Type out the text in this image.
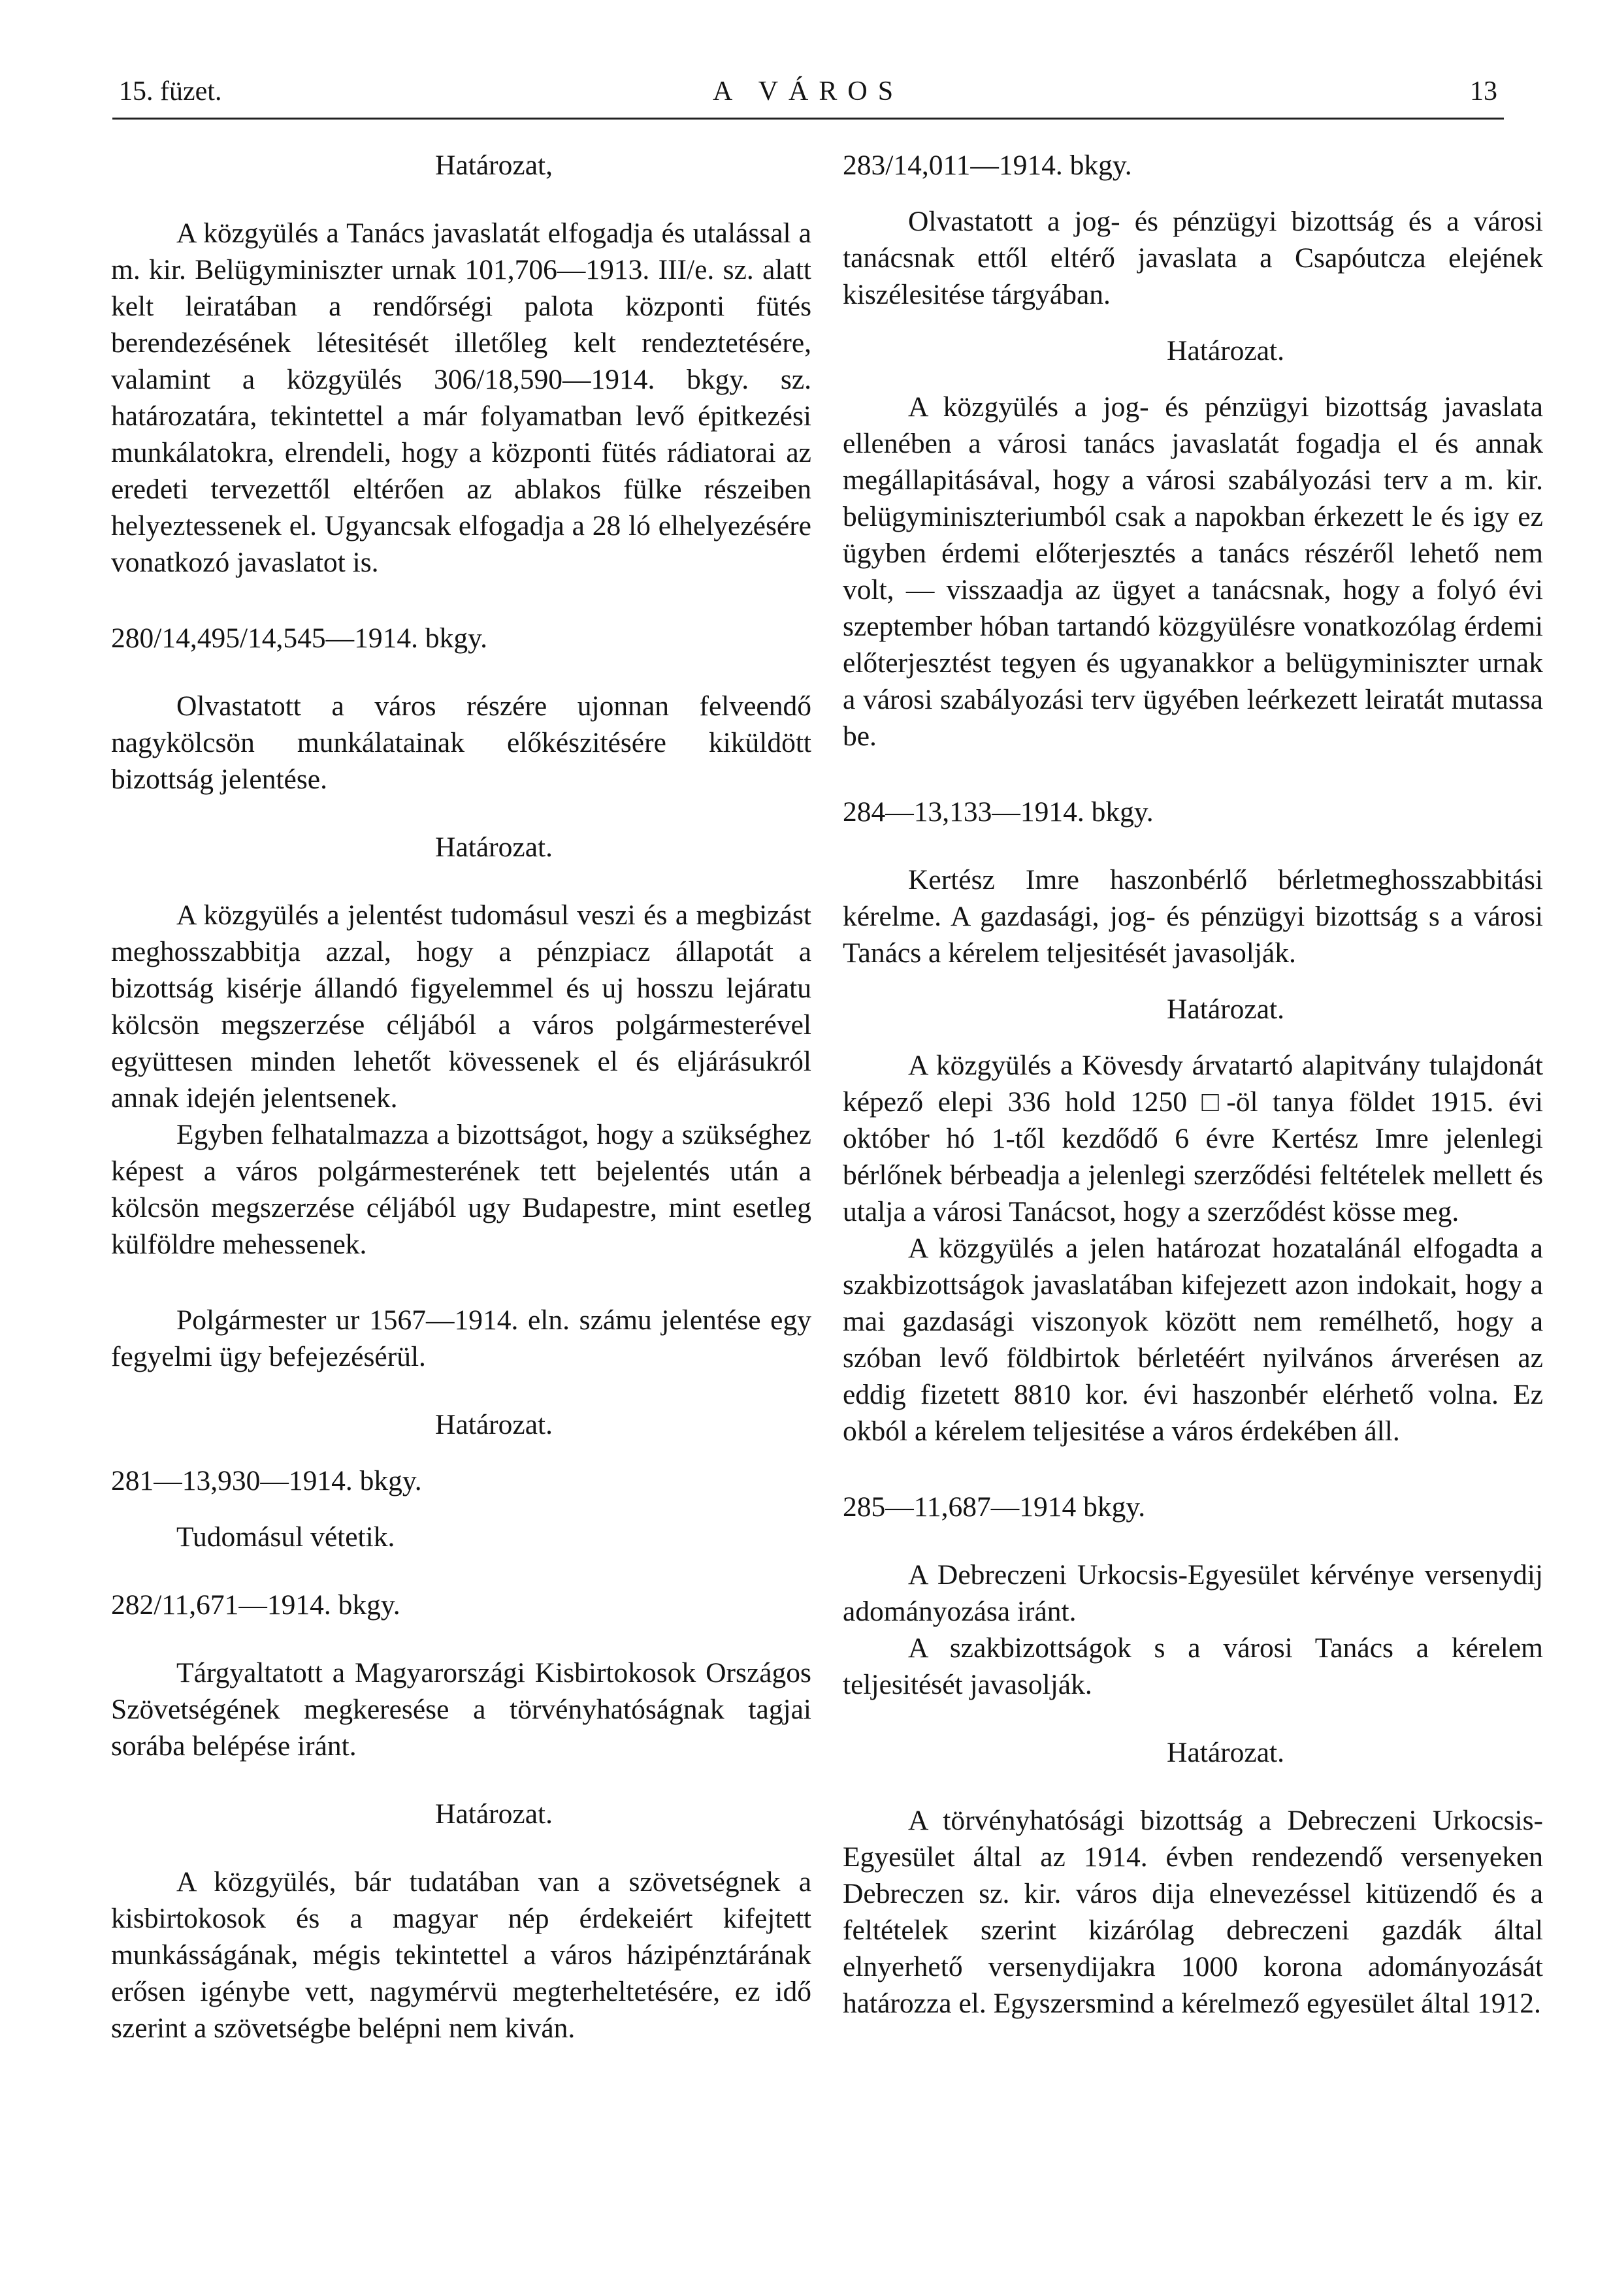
15. füzet.	A VÁROS	13

Határozat,

A közgyülés a Tanács javaslatát elfogadja és utalással a m. kir. Belügyminiszter urnak 101,706—1913. III/e. sz. alatt kelt leiratában a rendőrségi palota központi fütés berendezésének létesitését illetőleg kelt rendeztetésére, valamint a közgyülés 306/18,590—1914. bkgy. sz. határozatára, tekintettel a már folyamatban levő épitkezési munkálatokra, elrendeli, hogy a központi fütés rádiatorai az eredeti tervezettől eltérően az ablakos fülke részeiben helyeztessenek el. Ugyancsak elfogadja a 28 ló elhelyezésére vonatkozó javaslatot is.

280/14,495/14,545—1914. bkgy.

Olvastatott a város részére ujonnan felveendő nagykölcsön munkálatainak előkészitésére kiküldött bizottság jelentése.

Határozat.

A közgyülés a jelentést tudomásul veszi és a megbizást meghosszabbitja azzal, hogy a pénzpiacz állapotát a bizottság kisérje állandó figyelemmel és uj hosszu lejáratu kölcsön megszerzése céljából a város polgármesterével együttesen minden lehetőt kövessenek el és eljárásukról annak idején jelentsenek.

Egyben felhatalmazza a bizottságot, hogy a szükséghez képest a város polgármesterének tett bejelentés után a kölcsön megszerzése céljából ugy Budapestre, mint esetleg külföldre mehessenek.

Polgármester ur 1567—1914. eln. számu jelentése egy fegyelmi ügy befejezésérül.

Határozat.

281—13,930—1914. bkgy.

Tudomásul vétetik.

282/11,671—1914. bkgy.

Tárgyaltatott a Magyarországi Kisbirtokosok Országos Szövetségének megkeresése a törvényhatóságnak tagjai sorába belépése iránt.

Határozat.

A közgyülés, bár tudatában van a szövetségnek a kisbirtokosok és a magyar nép érdekeiért kifejtett munkásságának, mégis tekintettel a város házipénztárának erősen igénybe vett, nagymérvü megterheltetésére, ez idő szerint a szövetségbe belépni nem kiván.

283/14,011—1914. bkgy.

Olvastatott a jog- és pénzügyi bizottság és a városi tanácsnak ettől eltérő javaslata a Csapóutcza elejének kiszélesitése tárgyában.

Határozat.

A közgyülés a jog- és pénzügyi bizottság javaslata ellenében a városi tanács javaslatát fogadja el és annak megállapitásával, hogy a városi szabályozási terv a m. kir. belügyminiszteriumból csak a napokban érkezett le és igy ez ügyben érdemi előterjesztés a tanács részéről lehető nem volt, — visszaadja az ügyet a tanácsnak, hogy a folyó évi szeptember hóban tartandó közgyülésre vonatkozólag érdemi előterjesztést tegyen és ugyanakkor a belügyminiszter urnak a városi szabályozási terv ügyében leérkezett leiratát mutassa be.

284—13,133—1914. bkgy.

Kertész Imre haszonbérlő bérletmeghosszabbitási kérelme. A gazdasági, jog- és pénzügyi bizottság s a városi Tanács a kérelem teljesitését javasolják.

Határozat.

A közgyülés a Kövesdy árvatartó alapitvány tulajdonát képező elepi 336 hold 1250 □-öl tanya földet 1915. évi október hó 1-től kezdődő 6 évre Kertész Imre jelenlegi bérlőnek bérbeadja a jelenlegi szerződési feltételek mellett és utalja a városi Tanácsot, hogy a szerződést kösse meg.

A közgyülés a jelen határozat hozatalánál elfogadta a szakbizottságok javaslatában kifejezett azon indokait, hogy a mai gazdasági viszonyok között nem remélhető, hogy a szóban levő földbirtok bérletéért nyilvános árverésen az eddig fizetett 8810 kor. évi haszonbér elérhető volna. Ez okból a kérelem teljesitése a város érdekében áll.

285—11,687—1914 bkgy.

A Debreczeni Urkocsis-Egyesület kérvénye versenydij adományozása iránt.

A szakbizottságok s a városi Tanács a kérelem teljesitését javasolják.

Határozat.

A törvényhatósági bizottság a Debreczeni Urkocsis-Egyesület által az 1914. évben rendezendő versenyeken Debreczen sz. kir. város dija elnevezéssel kitüzendő és a feltételek szerint kizárólag debreczeni gazdák által elnyerhető versenydijakra 1000 korona adományozását határozza el. Egyszersmind a kérelmező egyesület által 1912.
